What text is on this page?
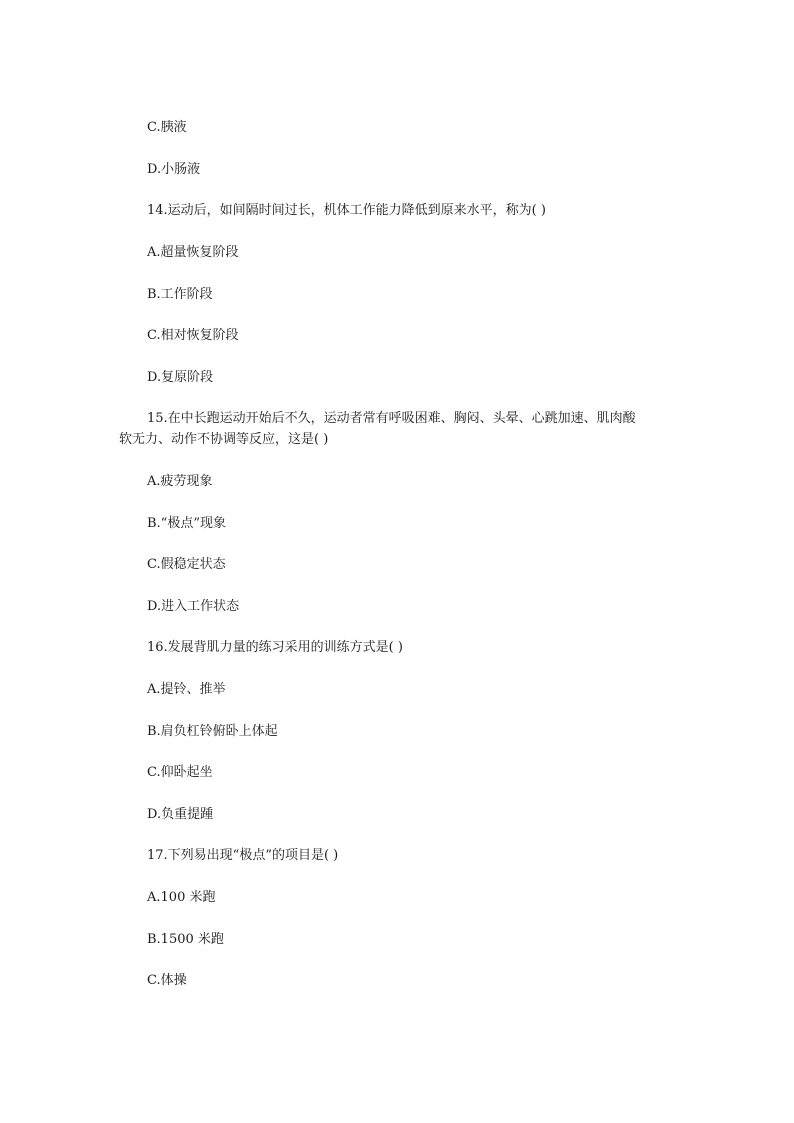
C.胰液
D.小肠液
14.运动后，如间隔时间过长，机体工作能力降低到原来水平，称为( )
A.超量恢复阶段
B.工作阶段
C.相对恢复阶段
D.复原阶段
15.在中长跑运动开始后不久，运动者常有呼吸困难、胸闷、头晕、心跳加速、肌肉酸
软无力、动作不协调等反应，这是( )
A.疲劳现象
B.“极点”现象
C.假稳定状态
D.进入工作状态
16.发展背肌力量的练习采用的训练方式是( )
A.提铃、推举
B.肩负杠铃俯卧上体起
C.仰卧起坐
D.负重提踵
17.下列易出现“极点”的项目是( )
A.100 米跑
B.1500 米跑
C.体操
